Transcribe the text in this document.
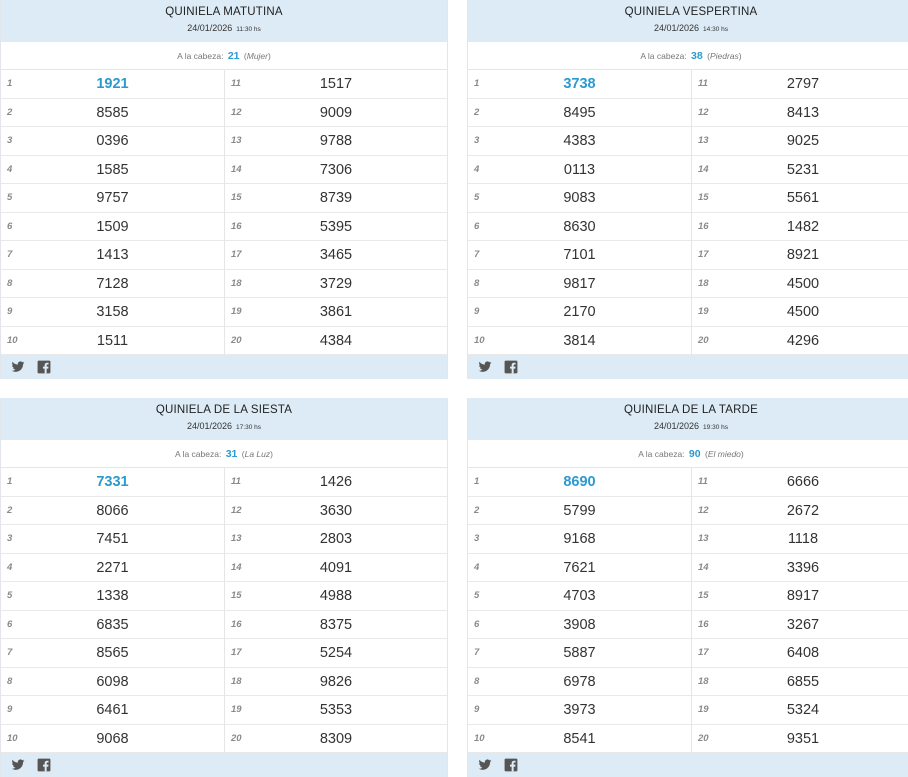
QUINIELA MATUTINA
24/01/2026 11:30 hs
A la cabeza: 21 (Mujer)
1	1921
2	8585
3	0396
4	1585
5	9757
6	1509
7	1413
8	7128
9	3158
10	1511
11	1517
12	9009
13	9788
14	7306
15	8739
16	5395
17	3465
18	3729
19	3861
20	4384
QUINIELA VESPERTINA
24/01/2026 14:30 hs
A la cabeza: 38 (Piedras)
1	3738
2	8495
3	4383
4	0113
5	9083
6	8630
7	7101
8	9817
9	2170
10	3814
11	2797
12	8413
13	9025
14	5231
15	5561
16	1482
17	8921
18	4500
19	4500
20	4296
QUINIELA DE LA SIESTA
24/01/2026 17:30 hs
A la cabeza: 31 (La Luz)
1	7331
2	8066
3	7451
4	2271
5	1338
6	6835
7	8565
8	6098
9	6461
10	9068
11	1426
12	3630
13	2803
14	4091
15	4988
16	8375
17	5254
18	9826
19	5353
20	8309
QUINIELA DE LA TARDE
24/01/2026 19:30 hs
A la cabeza: 90 (El miedo)
1	8690
2	5799
3	9168
4	7621
5	4703
6	3908
7	5887
8	6978
9	3973
10	8541
11	6666
12	2672
13	1118
14	3396
15	8917
16	3267
17	6408
18	6855
19	5324
20	9351
